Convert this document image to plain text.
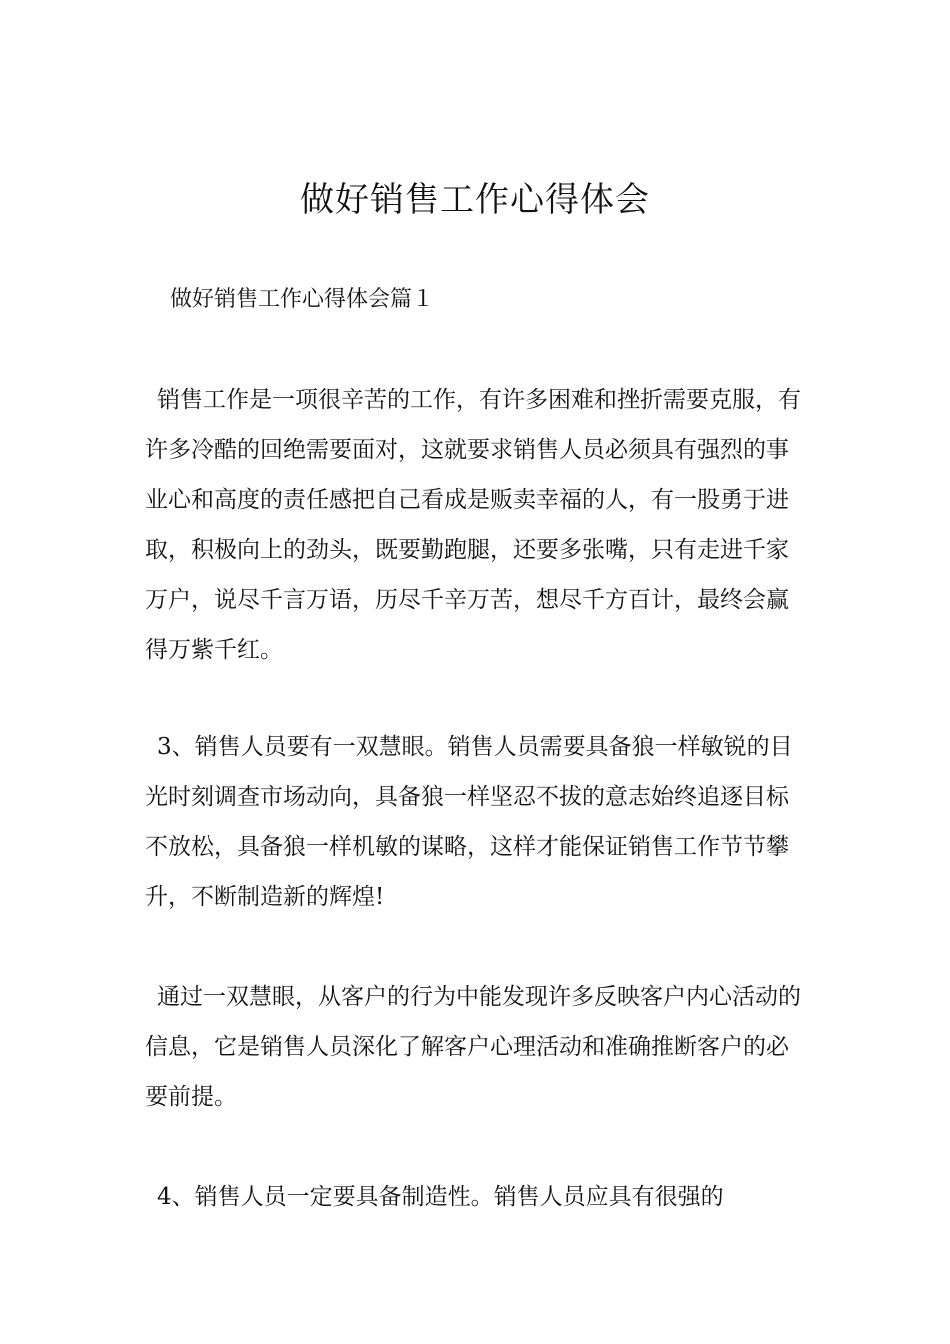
做好销售工作心得体会
做好销售工作心得体会篇１

销售工作是一项很辛苦的工作，有许多困难和挫折需要克服，有许多冷酷的回绝需要面对，这就要求销售人员必须具有强烈的事业心和高度的责任感把自己看成是贩卖幸福的人，有一股勇于进取，积极向上的劲头，既要勤跑腿，还要多张嘴，只有走进千家万户，说尽千言万语，历尽千辛万苦，想尽千方百计，最终会赢得万紫千红。

3、销售人员要有一双慧眼。销售人员需要具备狼一样敏锐的目光时刻调查市场动向，具备狼一样坚忍不拔的意志始终追逐目标不放松，具备狼一样机敏的谋略，这样才能保证销售工作节节攀升，不断制造新的辉煌!

通过一双慧眼，从客户的行为中能发现许多反映客户内心活动的信息，它是销售人员深化了解客户心理活动和准确推断客户的必要前提。

4、销售人员一定要具备制造性。销售人员应具有很强的
